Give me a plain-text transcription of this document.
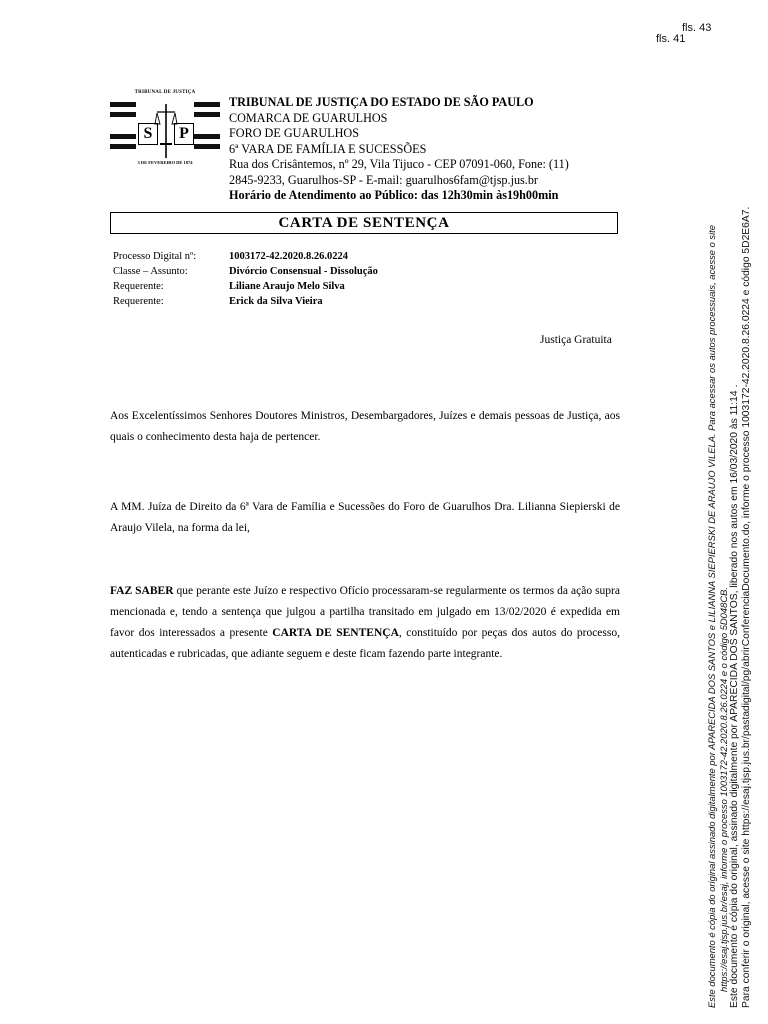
fls. 43
fls. 41
TRIBUNAL DE JUSTIÇA
S	P
3 DE FEVEREIRO DE 1874
TRIBUNAL DE JUSTIÇA DO ESTADO DE SÃO PAULO
COMARCA DE GUARULHOS
FORO DE GUARULHOS
6ª VARA DE FAMÍLIA E SUCESSÕES
Rua dos Crisântemos, nº 29, Vila Tijuco - CEP 07091-060, Fone: (11)
2845-9233, Guarulhos-SP - E-mail: guarulhos6fam@tjsp.jus.br
Horário de Atendimento ao Público: das 12h30min às19h00min
CARTA DE SENTENÇA
Processo Digital nº:	1003172-42.2020.8.26.0224
Classe – Assunto:	Divórcio Consensual - Dissolução
Requerente:	Liliane Araujo Melo Silva
Requerente:	Erick da Silva Vieira
Justiça Gratuita
Aos Excelentíssimos Senhores Doutores Ministros, Desembargadores, Juízes e demais pessoas de Justiça, aos quais o conhecimento desta haja de pertencer.
A MM. Juíza de Direito da 6ª Vara de Família e Sucessões do Foro de Guarulhos Dra. Lilianna Siepierski de Araujo Vilela, na forma da lei,
FAZ SABER que perante este Juízo e respectivo Ofício processaram-se regularmente os termos da ação supra mencionada e, tendo a sentença que julgou a partilha transitado em julgado em 13/02/2020 é expedida em favor dos interessados a presente CARTA DE SENTENÇA, constituído por peças dos autos do processo, autenticadas e rubricadas, que adiante seguem e deste ficam fazendo parte integrante.	Este documento é cópia do original assinado digitalmente por APARECIDA DOS SANTOS e LILIANNA SIEPIERSKI DE ARAUJO VILELA. Para acessar os autos processuais, acesse o site https://esaj.tjsp.jus.br/esaj, informe o processo 1003172-42.2020.8.26.0224 e o código 5D048CB. Este documento é cópia do original, assinado digitalmente por APARECIDA DOS SANTOS, liberado nos autos em 16/03/2020 às 11:14 . Para conferir o original, acesse o site https://esaj.tjsp.jus.br/pastadigital/pg/abrirConferenciaDocumento.do, informe o processo 1003172-42.2020.8.26.0224 e código 5D2E6A7.
